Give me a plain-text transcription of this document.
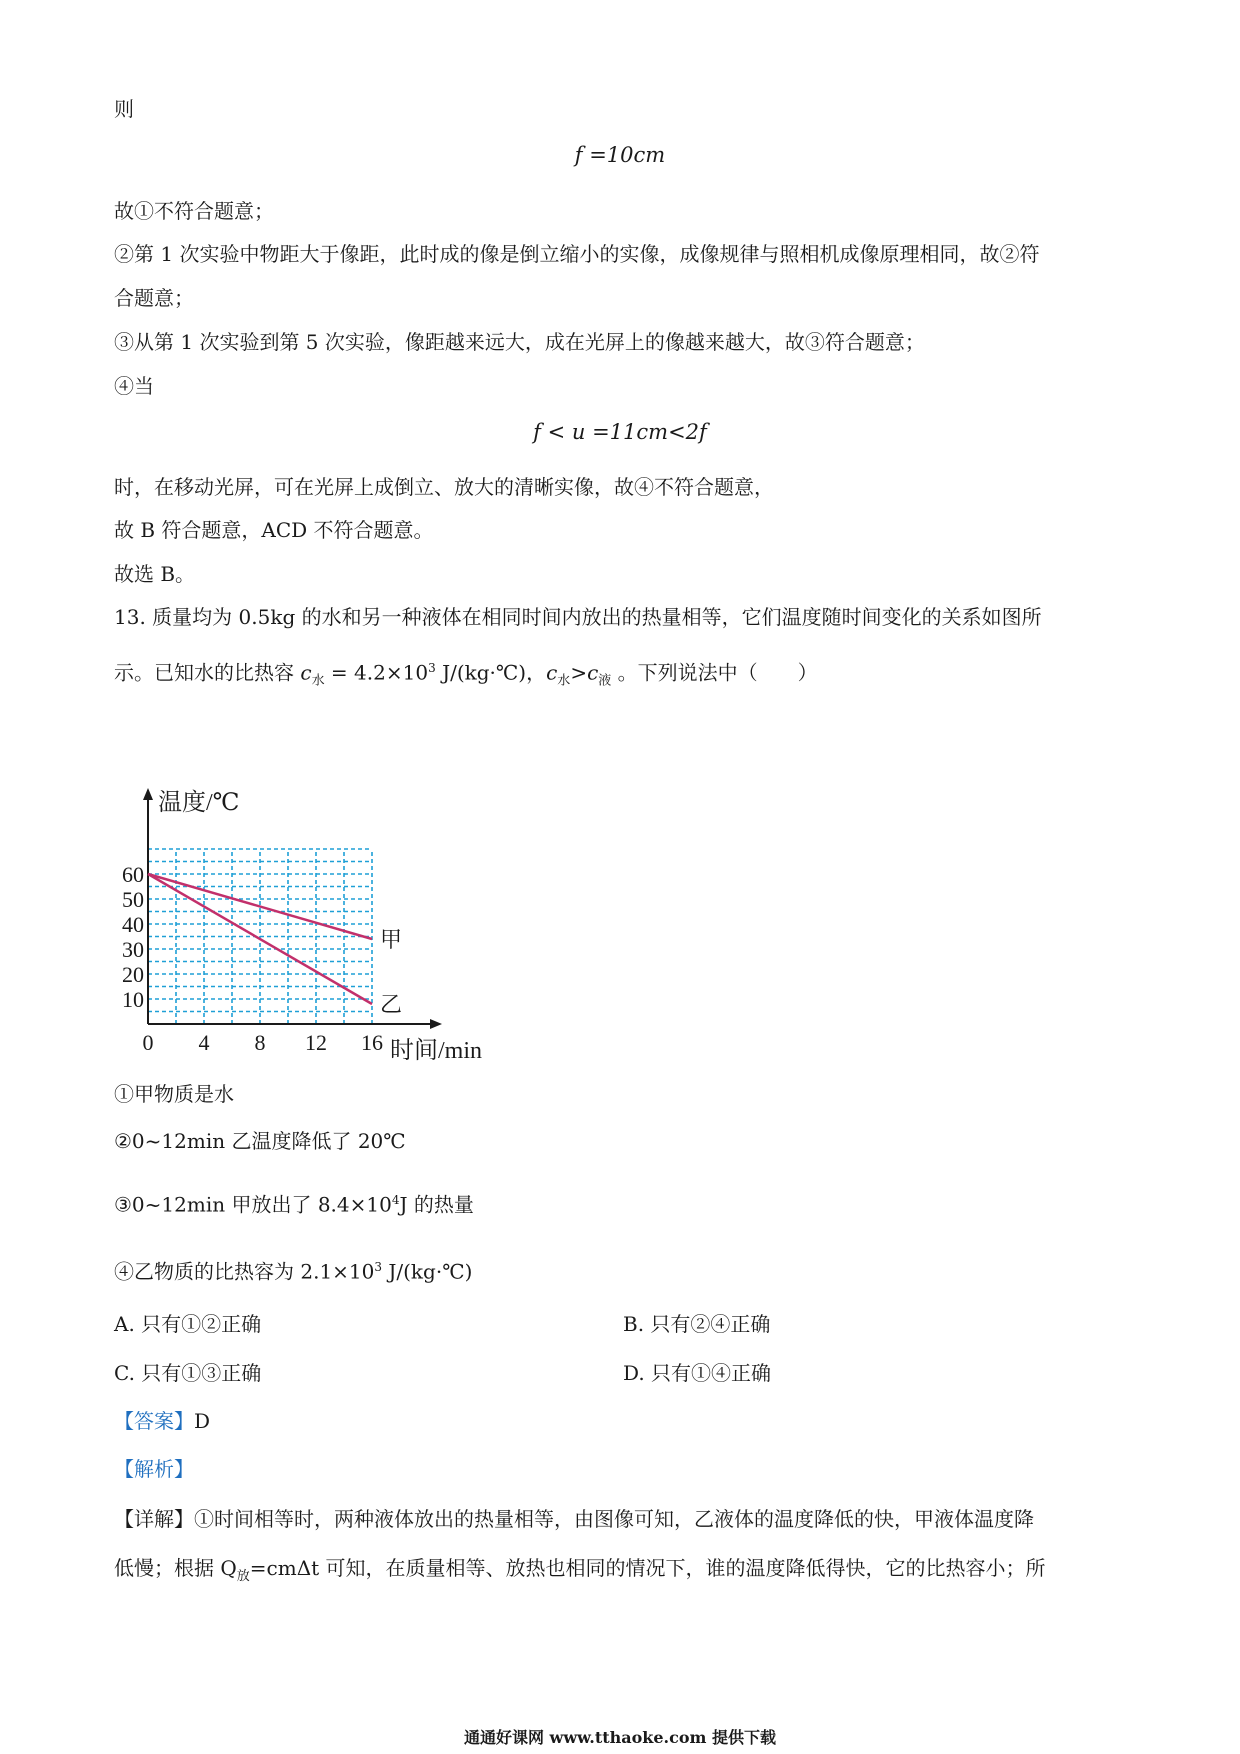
则
f =10cm
故①不符合题意；
②第 1 次实验中物距大于像距，此时成的像是倒立缩小的实像，成像规律与照相机成像原理相同，故②符
合题意；
③从第 1 次实验到第 5 次实验，像距越来远大，成在光屏上的像越来越大，故③符合题意；
④当
f < u =11cm<2f
时，在移动光屏，可在光屏上成倒立、放大的清晰实像，故④不符合题意，
故 B 符合题意，ACD 不符合题意。
故选 B。
13. 质量均为 0.5kg 的水和另一种液体在相同时间内放出的热量相等，它们温度随时间变化的关系如图所
示。已知水的比热容 $c_水 = 4.2\times 10^3$ J/(kg·℃)，$c_水>c_液$ 。下列说法中（　　）
甲
乙
60
50
40
30
20
10
0 4 8 12 16
温度/℃
时间/min
①甲物质是水
②0~12min 乙温度降低了 20℃
③0~12min 甲放出了 $8.4\times 10^4J$ 的热量
④乙物质的比热容为 $2.1\times 10^3$ J/(kg·℃)
A. 只有①②正确	B. 只有②④正确
C. 只有①③正确	D. 只有①④正确
【答案】D
【解析】
【详解】①时间相等时，两种液体放出的热量相等，由图像可知，乙液体的温度降低的快，甲液体温度降
低慢；根据 $Q_放=cm\Delta t$ 可知，在质量相等、放热也相同的情况下，谁的温度降低得快，它的比热容小；所
通通好课网 www.tthaoke.com 提供下载
